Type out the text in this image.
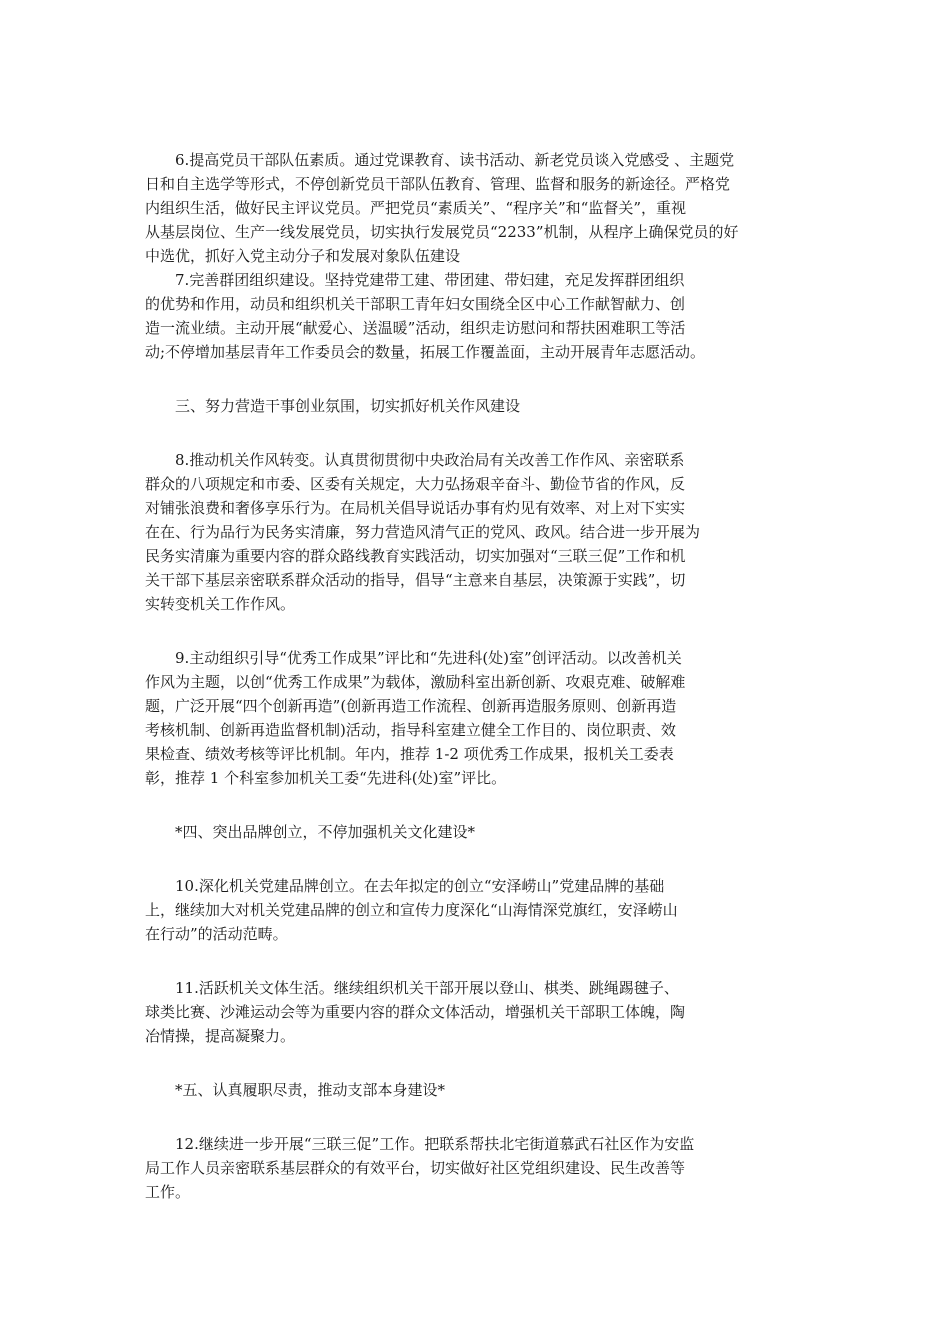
6.提高党员干部队伍素质。通过党课教育、读书活动、新老党员谈入党感受 、主题党
日和自主选学等形式，不停创新党员干部队伍教育、管理、监督和服务的新途径。严格党
内组织生活，做好民主评议党员。严把党员“素质关”、“程序关”和“监督关”，重视
从基层岗位、生产一线发展党员，切实执行发展党员“2233”机制，从程序上确保党员的好
中选优，抓好入党主动分子和发展对象队伍建设
7.完善群团组织建设。坚持党建带工建、带团建、带妇建，充足发挥群团组织
的优势和作用，动员和组织机关干部职工青年妇女围绕全区中心工作献智献力、创
造一流业绩。主动开展“献爱心、送温暖”活动，组织走访慰问和帮扶困难职工等活
动;不停增加基层青年工作委员会的数量，拓展工作覆盖面，主动开展青年志愿活动。
三、努力营造干事创业氛围，切实抓好机关作风建设
8.推动机关作风转变。认真贯彻贯彻中央政治局有关改善工作作风、亲密联系
群众的八项规定和市委、区委有关规定，大力弘扬艰辛奋斗、勤俭节省的作风，反
对铺张浪费和奢侈享乐行为。在局机关倡导说话办事有灼见有效率、对上对下实实
在在、行为品行为民务实清廉，努力营造风清气正的党风、政风。结合进一步开展为
民务实清廉为重要内容的群众路线教育实践活动，切实加强对“三联三促”工作和机
关干部下基层亲密联系群众活动的指导，倡导“主意来自基层，决策源于实践”，切
实转变机关工作作风。
9.主动组织引导“优秀工作成果”评比和“先进科(处)室”创评活动。以改善机关
作风为主题，以创“优秀工作成果”为载体，激励科室出新创新、攻艰克难、破解难
题，广泛开展“四个创新再造”(创新再造工作流程、创新再造服务原则、创新再造
考核机制、创新再造监督机制)活动，指导科室建立健全工作目的、岗位职责、效
果检查、绩效考核等评比机制。年内，推荐 1-2 项优秀工作成果，报机关工委表
彰，推荐 1 个科室参加机关工委“先进科(处)室”评比。
*四、突出品牌创立，不停加强机关文化建设*
10.深化机关党建品牌创立。在去年拟定的创立“安泽崂山”党建品牌的基础
上，继续加大对机关党建品牌的创立和宣传力度深化“山海情深党旗红，安泽崂山
在行动”的活动范畴。
11.活跃机关文体生活。继续组织机关干部开展以登山、棋类、跳绳踢毽子、
球类比赛、沙滩运动会等为重要内容的群众文体活动，增强机关干部职工体魄，陶
冶情操，提高凝聚力。
*五、认真履职尽责，推动支部本身建设*
12.继续进一步开展“三联三促”工作。把联系帮扶北宅街道慕武石社区作为安监
局工作人员亲密联系基层群众的有效平台，切实做好社区党组织建设、民生改善等
工作。
